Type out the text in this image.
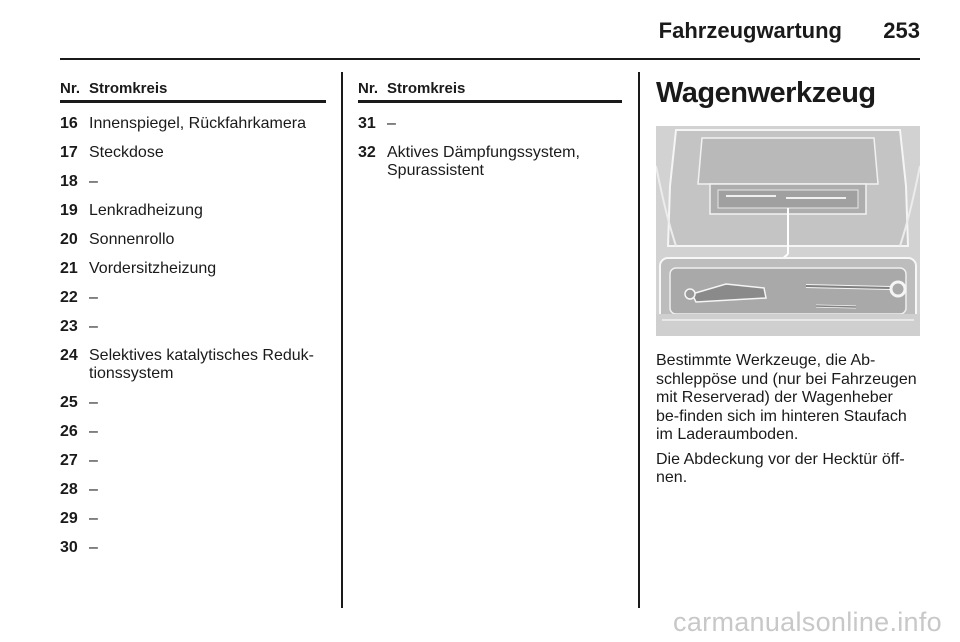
Fahrzeugwartung 253
Nr. Stromkreis
16	Innenspiegel, Rückfahrkamera
17	Steckdose
18	–
19	Lenkradheizung
20	Sonnenrollo
21	Vordersitzheizung
22	–
23	–
24	Selektives katalytisches Reduk-tionssystem
25	–
26	–
27	–
28	–
29	–
30	–
Nr. Stromkreis
31	–
32	Aktives Dämpfungssystem, Spurassistent
Wagenwerkzeug

Bestimmte Werkzeuge, die Ab-schleppöse und (nur bei Fahrzeugen mit Reserverad) der Wagenheber be-finden sich im hinteren Staufach im Laderaumboden.

Die Abdeckung vor der Hecktür öff-nen.

carmanualsonline.info
